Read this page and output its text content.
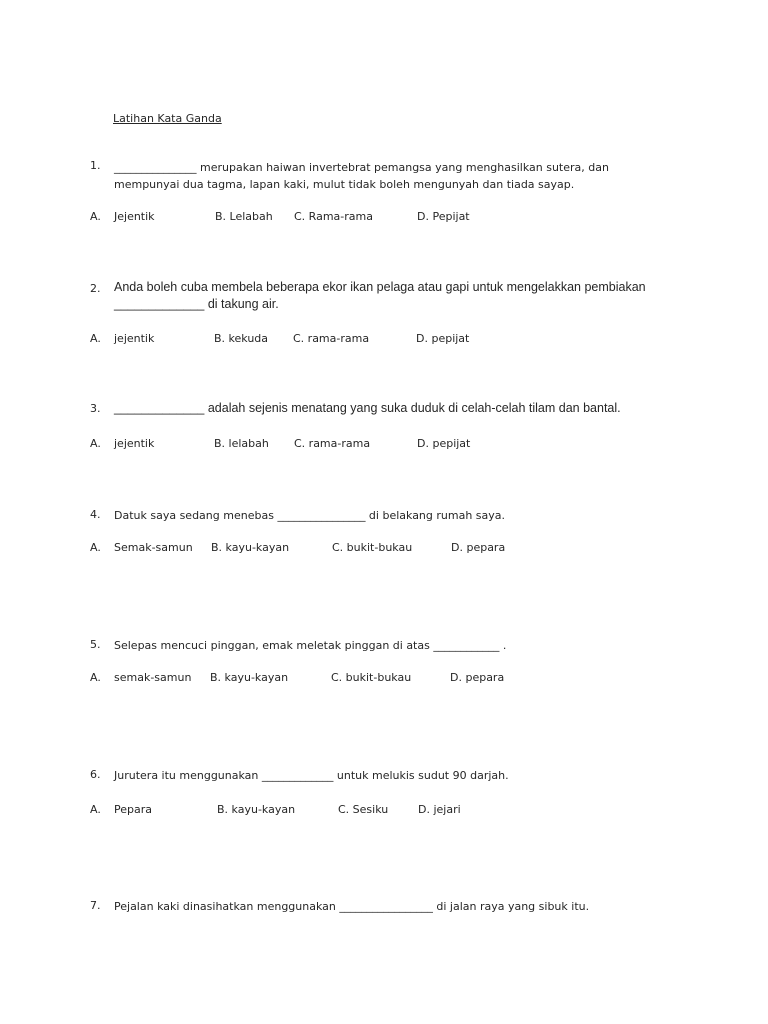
Latihan Kata Ganda
1. _______________ merupakan haiwan invertebrat pemangsa yang menghasilkan sutera, dan mempunyai dua tagma, lapan kaki, mulut tidak boleh mengunyah dan tiada sayap.
A. Jejentik	B. Lelabah C. Rama-rama	D. Pepijat
2. Anda boleh cuba membela beberapa ekor ikan pelaga atau gapi untuk mengelakkan pembiakan
_____________ di takung air.
A. jejentik	B. kekuda C. rama-rama	D. pepijat
3. _____________ adalah sejenis menatang yang suka duduk di celah-celah tilam dan bantal.
A. jejentik	B. lelabah C. rama-rama	D. pepijat
4. Datuk saya sedang menebas ________________ di belakang rumah saya.
A. Semak-samun B. kayu-kayan	C. bukit-bukau	D. pepara
5. Selepas mencuci pinggan, emak meletak pinggan di atas ____________ .
A. semak-samun B. kayu-kayan	C. bukit-bukau	D. pepara
6. Jurutera itu menggunakan _____________ untuk melukis sudut 90 darjah.
A. Pepara	B. kayu-kayan	C. Sesiku	D. jejari
7. Pejalan kaki dinasihatkan menggunakan _________________ di jalan raya yang sibuk itu.
